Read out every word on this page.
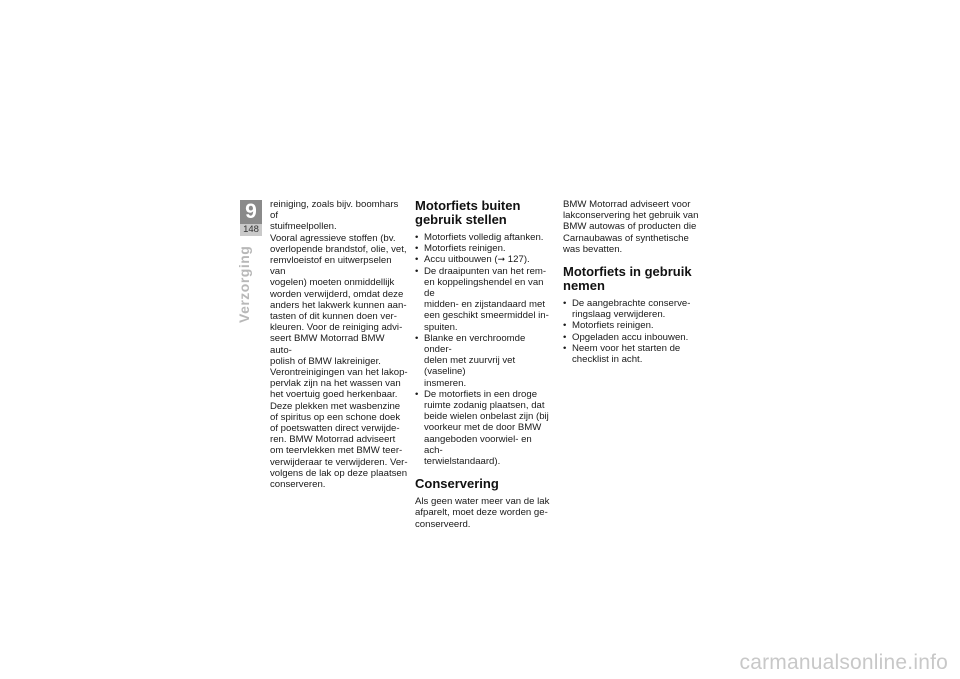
9
148
Verzorging

reiniging, zoals bijv. boomhars of
stuifmeelpollen.
Vooral agressieve stoffen (bv.
overlopende brandstof, olie, vet,
remvloeistof en uitwerpselen van
vogelen) moeten onmiddellijk
worden verwijderd, omdat deze
anders het lakwerk kunnen aan-
tasten of dit kunnen doen ver-
kleuren. Voor de reiniging advi-
seert BMW Motorrad BMW auto-
polish of BMW lakreiniger.
Verontreinigingen van het lakop-
pervlak zijn na het wassen van
het voertuig goed herkenbaar.
Deze plekken met wasbenzine
of spiritus op een schone doek
of poetswatten direct verwijde-
ren. BMW Motorrad adviseert
om teervlekken met BMW teer-
verwijderaar te verwijderen. Ver-
volgens de lak op deze plaatsen
conserveren.

Motorfiets buiten
gebruik stellen
• Motorfiets volledig aftanken.
• Motorfiets reinigen.
• Accu uitbouwen (➞ 127).
• De draaipunten van het rem-
en koppelingshendel en van de
midden- en zijstandaard met
een geschikt smeermiddel in-
spuiten.
• Blanke en verchroomde onder-
delen met zuurvrij vet (vaseline)
insmeren.
• De motorfiets in een droge
ruimte zodanig plaatsen, dat
beide wielen onbelast zijn (bij
voorkeur met de door BMW
aangeboden voorwiel- en ach-
terwielstandaard).
Conservering

Als geen water meer van de lak
afparelt, moet deze worden ge-
conserveerd.

BMW Motorrad adviseert voor
lakconservering het gebruik van
BMW autowas of producten die
Carnaubawas of synthetische
was bevatten.

Motorfiets in gebruik
nemen
• De aangebrachte conserve-
ringslaag verwijderen.
• Motorfiets reinigen.
• Opgeladen accu inbouwen.
• Neem voor het starten de
checklist in acht.
carmanualsonline.info
